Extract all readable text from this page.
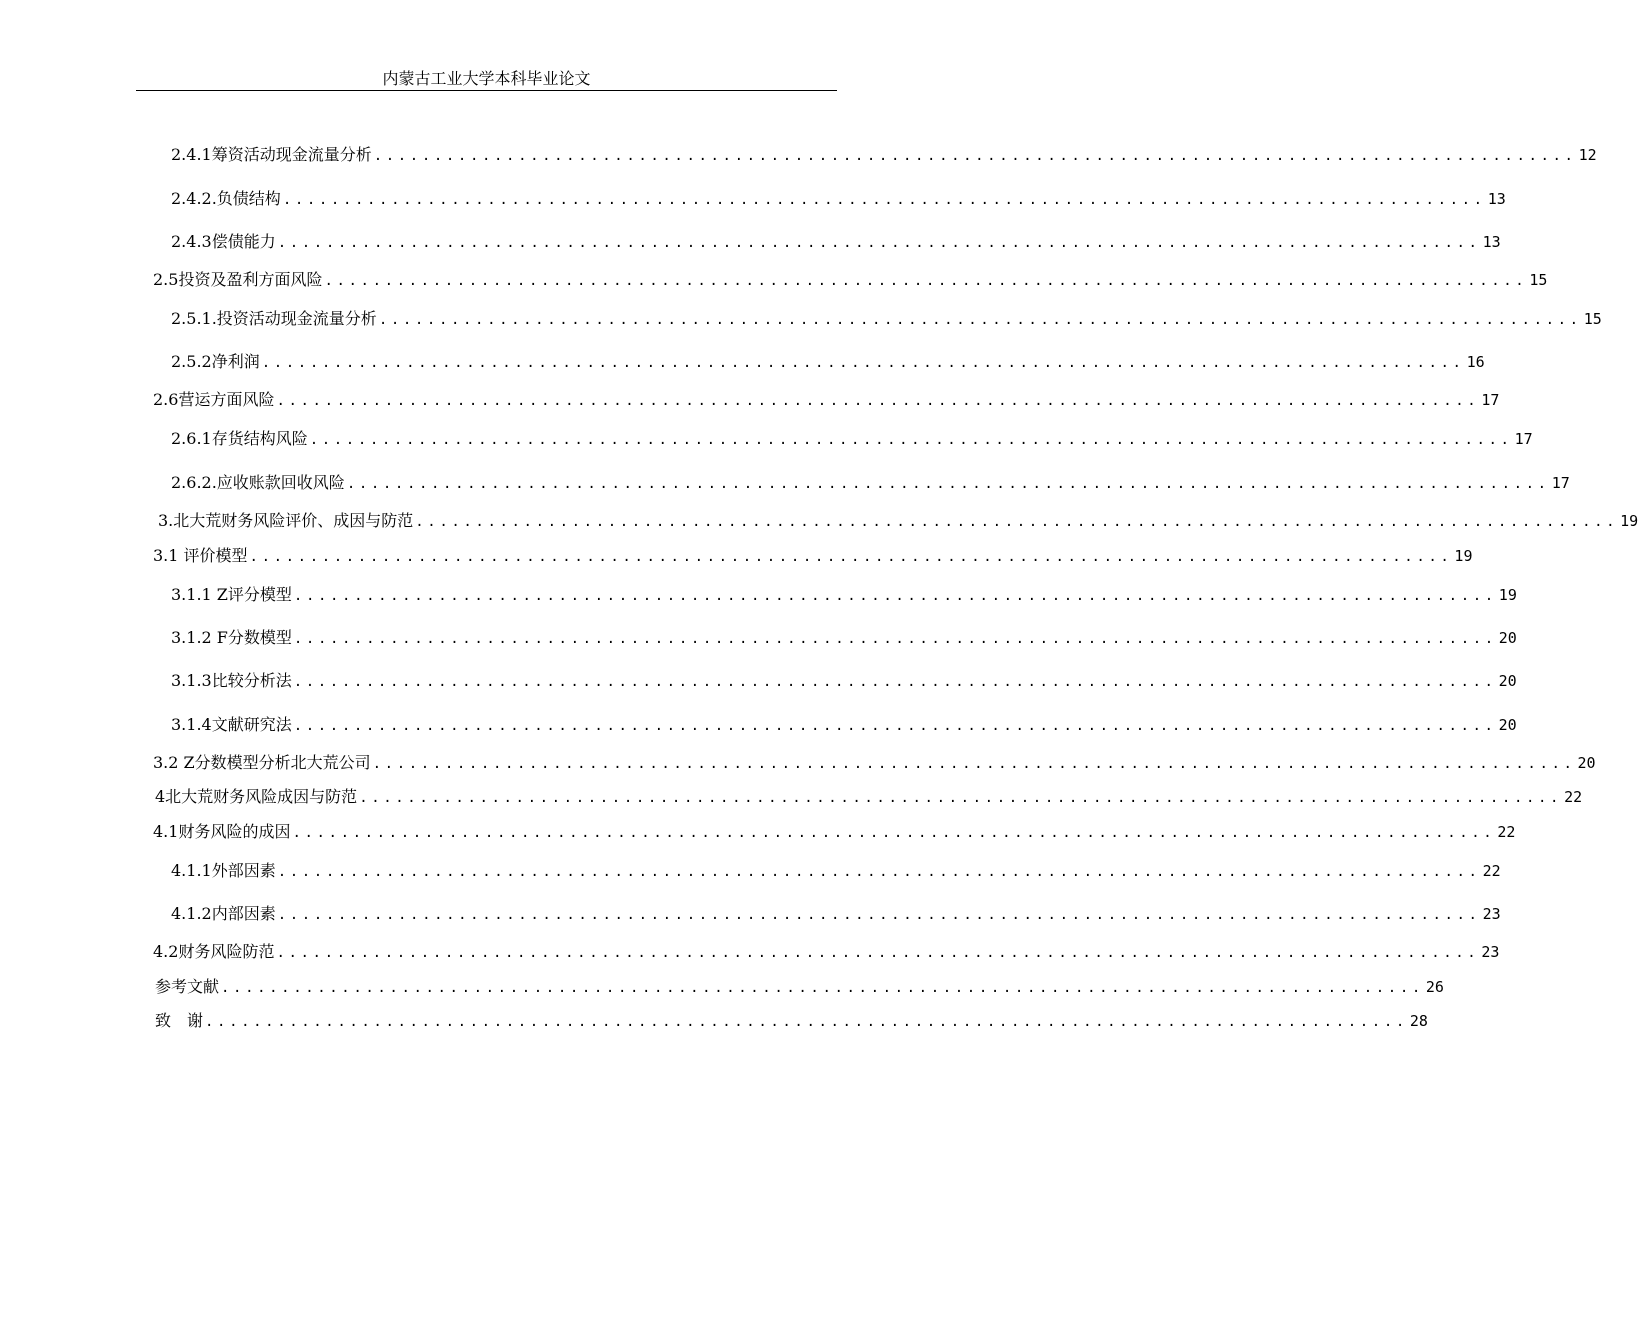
内蒙古工业大学本科毕业论文
2.4.1筹资活动现金流量分析 .................................................................................................... 12
2.4.2.负债结构 .................................................................................................... 13
2.4.3偿债能力 .................................................................................................... 13
2.5投资及盈利方面风险 .................................................................................................... 15
2.5.1.投资活动现金流量分析 .................................................................................................... 15
2.5.2净利润 .................................................................................................... 16
2.6营运方面风险 .................................................................................................... 17
2.6.1存货结构风险 .................................................................................................... 17
2.6.2.应收账款回收风险 .................................................................................................... 17
3.北大荒财务风险评价、成因与防范 .................................................................................................... 19
3.1 评价模型 .................................................................................................... 19
3.1.1 Z评分模型 .................................................................................................... 19
3.1.2 F分数模型 .................................................................................................... 20
3.1.3比较分析法 .................................................................................................... 20
3.1.4文献研究法 .................................................................................................... 20
3.2 Z分数模型分析北大荒公司 .................................................................................................... 20
4北大荒财务风险成因与防范 .................................................................................................... 22
4.1财务风险的成因 .................................................................................................... 22
4.1.1外部因素 .................................................................................................... 22
4.1.2内部因素 .................................................................................................... 23
4.2财务风险防范 .................................................................................................... 23
参考文献 .................................................................................................... 26
致　谢 .................................................................................................... 28
